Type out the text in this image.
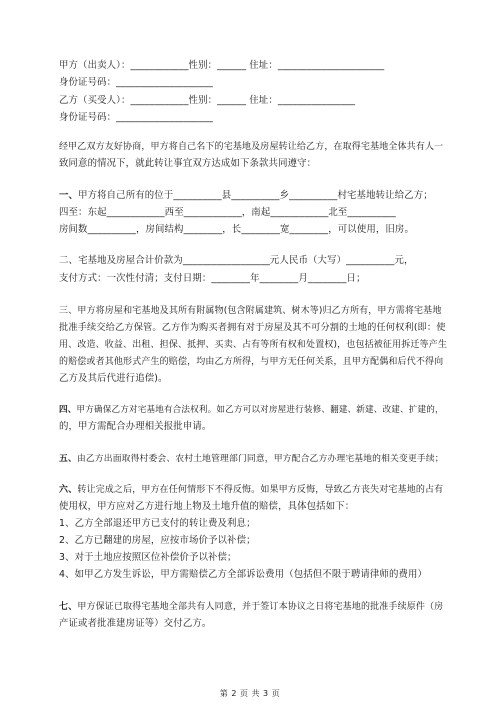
甲方（出卖人）：____________性别：______ 住址：______________________
身份证号码：____________________
乙方（买受人）：____________性别：______ 住址：________________
身份证号码：____________________
经甲乙双方友好协商，甲方将自己名下的宅基地及房屋转让给乙方，在取得宅基地全体共有人一
致同意的情况下，就此转让事宜双方达成如下条款共同遵守：
一、甲方将自己所有的位于__________县__________乡__________村宅基地转让给乙方；
四至：东起____________西至____________，南起____________北至__________
房间数__________，房间结构________，长________宽________，可以使用，旧房。
二、宅基地及房屋合计价款为__________________元人民币（大写）__________元，
支付方式：一次性付清；支付日期：________年________月________日；
三、甲方将房屋和宅基地及其所有附属物(包含附属建筑、树木等)归乙方所有，甲方需将宅基地
批准手续交给乙方保管。乙方作为购买者拥有对于房屋及其不可分割的土地的任何权利(即：使
用、改造、收益、出租、担保、抵押、买卖、占有等所有权和处置权)，也包括被征用拆迁等产生
的赔偿或者其他形式产生的赔偿，均由乙方所得，与甲方无任何关系，且甲方配偶和后代不得向
乙方及其后代进行追偿)。
四、甲方确保乙方对宅基地有合法权利。如乙方可以对房屋进行装修、翻建、新建、改建、扩建的，
的，甲方需配合办理相关报批申请。
五、由乙方出面取得村委会、农村土地管理部门同意，甲方配合乙方办理宅基地的相关变更手续；
六、转让完成之后，甲方在任何情形下不得反悔。如果甲方反悔，导致乙方丧失对宅基地的占有
使用权，甲方应对乙方进行地上物及土地升值的赔偿，具体包括如下：
1、乙方全部退还甲方已支付的转让费及利息；
2、乙方已翻建的房屋，应按市场价予以补偿；
3、对于土地应按照区位补偿价予以补偿；
4、如甲乙方发生诉讼，甲方需赔偿乙方全部诉讼费用（包括但不限于聘请律师的费用）
七、甲方保证已取得宅基地全部共有人同意，并于签订本协议之日将宅基地的批准手续原件（房
产证或者批准建房证等）交付乙方。
第 2 页 共 3 页
